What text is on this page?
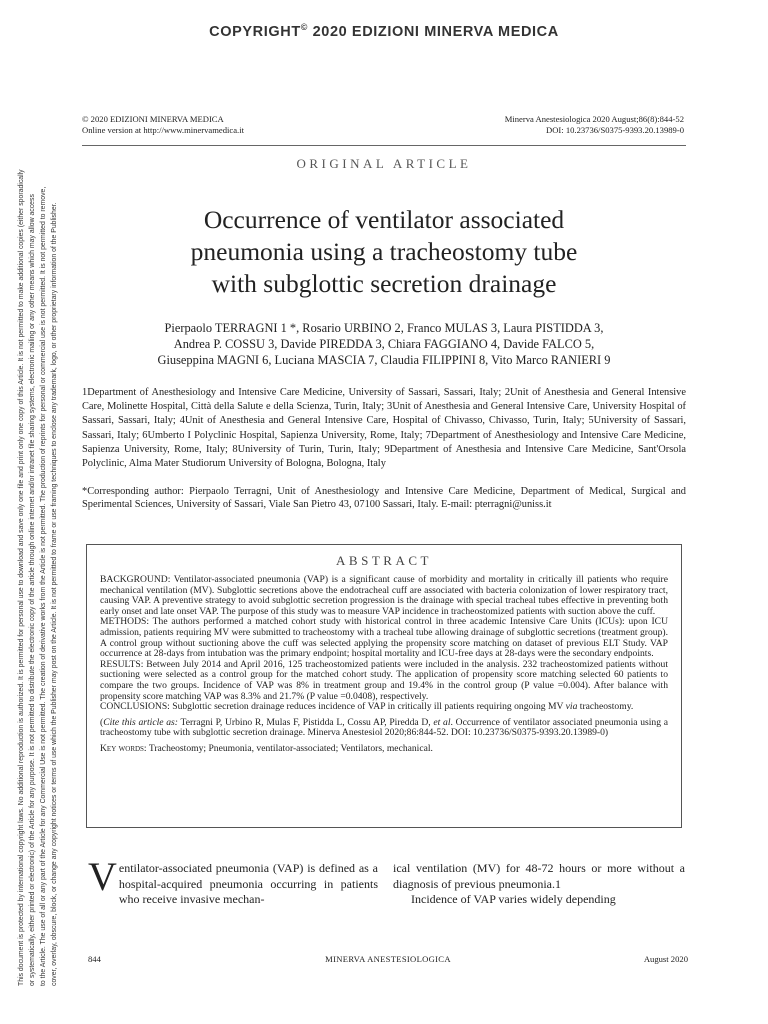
COPYRIGHT© 2020 EDIZIONI MINERVA MEDICA
This document is protected by international copyright laws. No additional reproduction is authorized. It is permitted for personal use to download and save only one file and print only one copy of this Article. It is not permitted to make additional copies (either sporadically or systematically, either printed or electronic) of the Article for any purpose. It is not permitted to distribute the electronic copy of the article through online internet and/or intranet file sharing systems, electronic mailing or any other means which may allow access to the Article. The use of all or any part of the Article for any Commercial Use is not permitted. The creation of derivative works from the Article is not permitted. The production of reprints for personal or commercial use is not permitted. It is not permitted to remove, cover, overlay, obscure, block, or change any copyright notices or terms of use which the Publisher may post on the Article. It is not permitted to frame or use framing techniques to enclose any trademark, logo, or other proprietary information of the Publisher.
© 2020 EDIZIONI MINERVA MEDICA
Online version at http://www.minervamedica.it
Minerva Anestesiologica 2020 August;86(8):844-52
DOI: 10.23736/S0375-9393.20.13989-0
ORIGINAL ARTICLE
Occurrence of ventilator associated
pneumonia using a tracheostomy tube
with subglottic secretion drainage
Pierpaolo TERRAGNI 1 *, Rosario URBINO 2, Franco MULAS 3, Laura PISTIDDA 3,
Andrea P. COSSU 3, Davide PIREDDA 3, Chiara FAGGIANO 4, Davide FALCO 5,
Giuseppina MAGNI 6, Luciana MASCIA 7, Claudia FILIPPINI 8, Vito Marco RANIERI 9
1Department of Anesthesiology and Intensive Care Medicine, University of Sassari, Sassari, Italy; 2Unit of Anesthesia and General Intensive Care, Molinette Hospital, Città della Salute e della Scienza, Turin, Italy; 3Unit of Anesthesia and General Intensive Care, University Hospital of Sassari, Sassari, Italy; 4Unit of Anesthesia and General Intensive Care, Hospital of Chivasso, Chivasso, Turin, Italy; 5University of Sassari, Sassari, Italy; 6Umberto I Polyclinic Hospital, Sapienza University, Rome, Italy; 7Department of Anesthesiology and Intensive Care Medicine, Sapienza University, Rome, Italy; 8University of Turin, Turin, Italy; 9Department of Anesthesia and Intensive Care Medicine, Sant'Orsola Polyclinic, Alma Mater Studiorum University of Bologna, Bologna, Italy
*Corresponding author: Pierpaolo Terragni, Unit of Anesthesiology and Intensive Care Medicine, Department of Medical, Surgical and Sperimental Sciences, University of Sassari, Viale San Pietro 43, 07100 Sassari, Italy. E-mail: pterragni@uniss.it
ABSTRACT

BACKGROUND: Ventilator-associated pneumonia (VAP) is a significant cause of morbidity and mortality in critically ill patients who require mechanical ventilation (MV). Subglottic secretions above the endotracheal cuff are associated with bacteria colonization of lower respiratory tract, causing VAP. A preventive strategy to avoid subglottic secretion progression is the drainage with special tracheal tubes effective in preventing both early onset and late onset VAP. The purpose of this study was to measure VAP incidence in tracheostomized patients with suction above the cuff.

METHODS: The authors performed a matched cohort study with historical control in three academic Intensive Care Units (ICUs): upon ICU admission, patients requiring MV were submitted to tracheostomy with a tracheal tube allowing drainage of subglottic secretions (treatment group). A control group without suctioning above the cuff was selected applying the propensity score matching on dataset of previous ELT Study. VAP occurrence at 28-days from intubation was the primary endpoint; hospital mortality and ICU-free days at 28-days were the secondary endpoints.

RESULTS: Between July 2014 and April 2016, 125 tracheostomized patients were included in the analysis. 232 tracheostomized patients without suctioning were selected as a control group for the matched cohort study. The application of propensity score matching selected 60 patients to compare the two groups. Incidence of VAP was 8% in treatment group and 19.4% in the control group (P value =0.004). After balance with propensity score matching VAP was 8.3% and 21.7% (P value =0.0408), respectively.

CONCLUSIONS: Subglottic secretion drainage reduces incidence of VAP in critically ill patients requiring ongoing MV via tracheostomy.

(Cite this article as: Terragni P, Urbino R, Mulas F, Pistidda L, Cossu AP, Piredda D, et al. Occurrence of ventilator associated pneumonia using a tracheostomy tube with subglottic secretion drainage. Minerva Anestesiol 2020;86:844-52. DOI: 10.23736/S0375-9393.20.13989-0)

Key words: Tracheostomy; Pneumonia, ventilator-associated; Ventilators, mechanical.

Ventilator-associated pneumonia (VAP) is defined as a hospital-acquired pneumonia occurring in patients who receive invasive mechan-
ical ventilation (MV) for 48-72 hours or more without a diagnosis of previous pneumonia.1
Incidence of VAP varies widely depending
844	MINERVA ANESTESIOLOGICA	August 2020
